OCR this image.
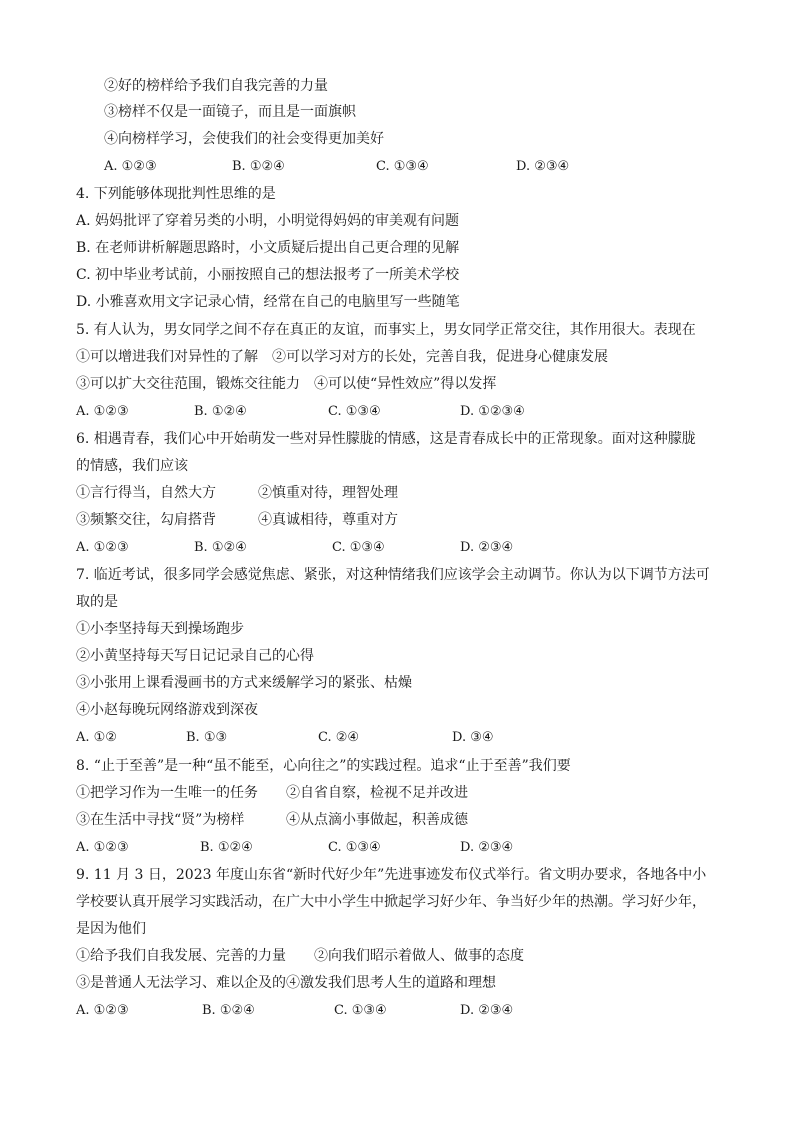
②好的榜样给予我们自我完善的力量
③榜样不仅是一面镜子，而且是一面旗帜
④向榜样学习，会使我们的社会变得更加美好
A. ①②③	B. ①②④	C. ①③④	D. ②③④
4. 下列能够体现批判性思维的是
A. 妈妈批评了穿着另类的小明，小明觉得妈妈的审美观有问题
B. 在老师讲析解题思路时，小文质疑后提出自己更合理的见解
C. 初中毕业考试前，小丽按照自己的想法报考了一所美术学校
D. 小雅喜欢用文字记录心情，经常在自己的电脑里写一些随笔
5. 有人认为，男女同学之间不存在真正的友谊，而事实上，男女同学正常交往，其作用很大。表现在
①可以增进我们对异性的了解　②可以学习对方的长处，完善自我，促进身心健康发展
③可以扩大交往范围，锻炼交往能力　④可以使“异性效应”得以发挥
A. ①②③	B. ①②④	C. ①③④	D. ①②③④
6. 相遇青春，我们心中开始萌发一些对异性朦胧的情感，这是青春成长中的正常现象。面对这种朦胧
的情感，我们应该
①言行得当，自然大方	②慎重对待，理智处理
③频繁交往，勾肩搭背	④真诚相待，尊重对方
A. ①②③	B. ①②④	C. ①③④	D. ②③④
7. 临近考试，很多同学会感觉焦虑、紧张，对这种情绪我们应该学会主动调节。你认为以下调节方法可
取的是
①小李坚持每天到操场跑步
②小黄坚持每天写日记记录自己的心得
③小张用上课看漫画书的方式来缓解学习的紧张、枯燥
④小赵每晚玩网络游戏到深夜
A. ①②	B. ①③	C. ②④	D. ③④
8. “止于至善”是一种“虽不能至，心向往之”的实践过程。追求“止于至善”我们要
①把学习作为一生唯一的任务 ②自省自察，检视不足并改进
③在生活中寻找“贤”为榜样	④从点滴小事做起，积善成德
A. ①②③	B. ①②④	C. ①③④	D. ②③④
9. 11 月 3 日，2023 年度山东省“新时代好少年”先进事迹发布仪式举行。省文明办要求，各地各中小
学校要认真开展学习实践活动，在广大中小学生中掀起学习好少年、争当好少年的热潮。学习好少年，
是因为他们
①给予我们自我发展、完善的力量　　②向我们昭示着做人、做事的态度
③是普通人无法学习、难以企及的④激发我们思考人生的道路和理想
A. ①②③	B. ①②④	C. ①③④	D. ②③④
